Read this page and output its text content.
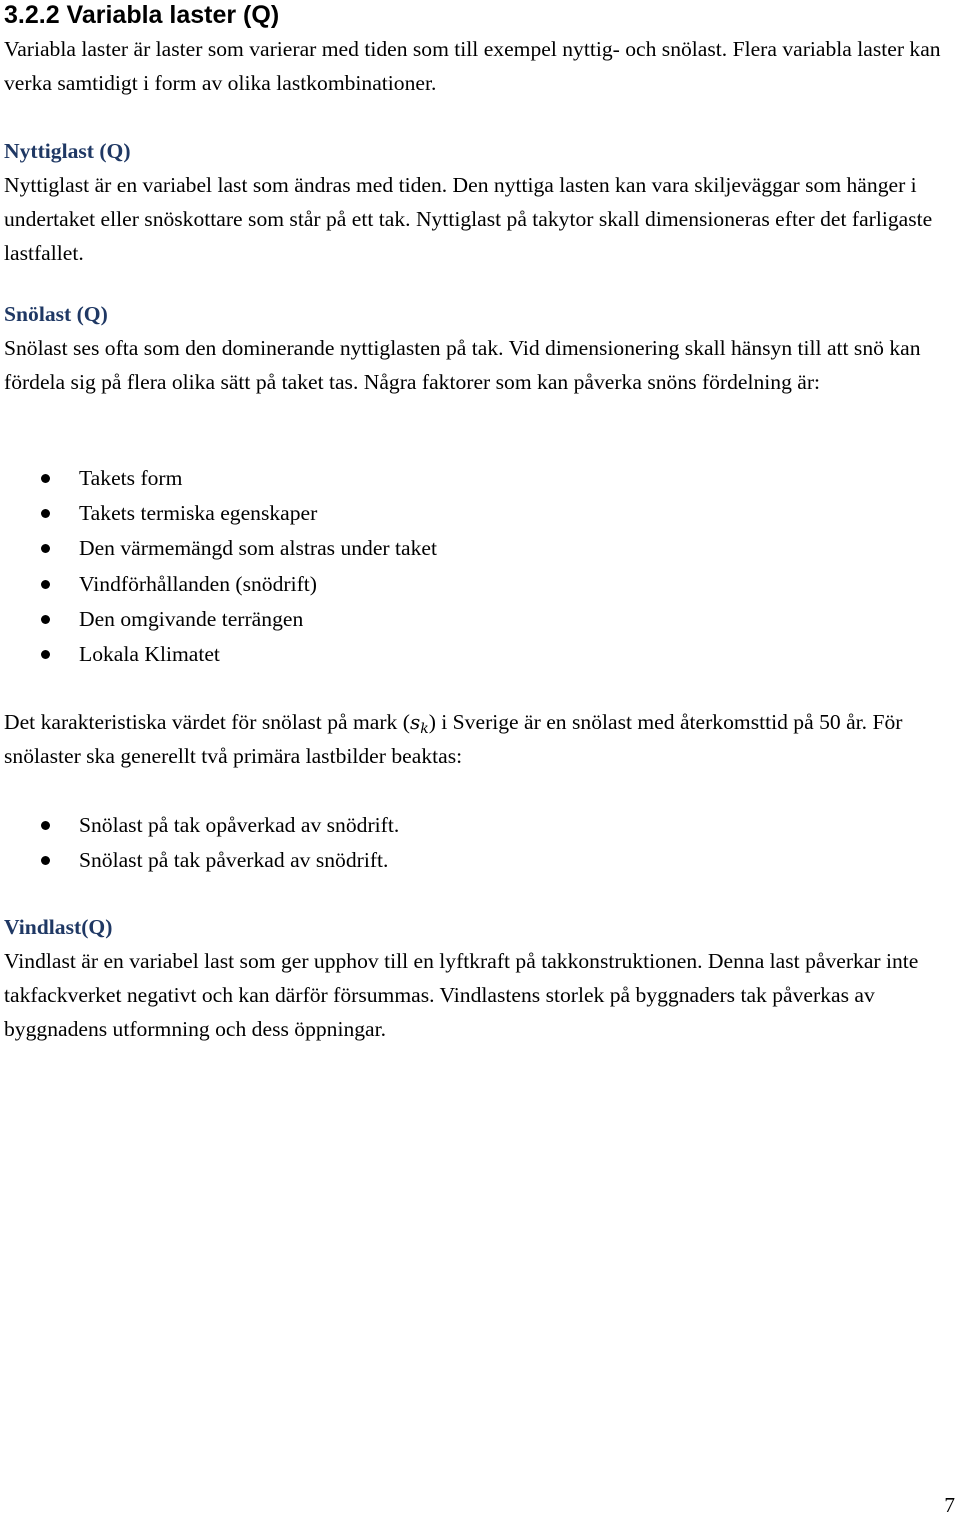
3.2.2 Variabla laster (Q)

Variabla laster är laster som varierar med tiden som till exempel nyttig- och snölast. Flera variabla laster kan verka samtidigt i form av olika lastkombinationer.

Nyttiglast (Q)

Nyttiglast är en variabel last som ändras med tiden. Den nyttiga lasten kan vara skiljeväggar som hänger i undertaket eller snöskottare som står på ett tak. Nyttiglast på takytor skall dimensioneras efter det farligaste lastfallet.

Snölast (Q)

Snölast ses ofta som den dominerande nyttiglasten på tak. Vid dimensionering skall hänsyn till att snö kan fördela sig på flera olika sätt på taket tas. Några faktorer som kan påverka snöns fördelning är:

Takets form
Takets termiska egenskaper
Den värmemängd som alstras under taket
Vindförhållanden (snödrift)
Den omgivande terrängen
Lokala Klimatet

Det karakteristiska värdet för snölast på mark $(s_k)$ i Sverige är en snölast med återkomsttid på 50 år. För snölaster ska generellt två primära lastbilder beaktas:

Snölast på tak opåverkad av snödrift.
Snölast på tak påverkad av snödrift.

Vindlast(Q)

Vindlast är en variabel last som ger upphov till en lyftkraft på takkonstruktionen. Denna last påverkar inte takfackverket negativt och kan därför försummas. Vindlastens storlek på byggnaders tak påverkas av byggnadens utformning och dess öppningar.

7
